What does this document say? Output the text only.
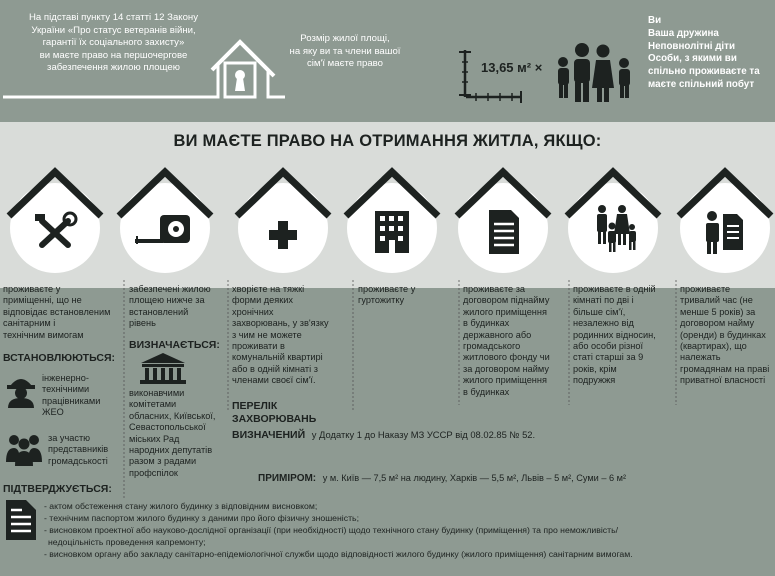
На підставі пункту 14 статті 12 Закону
України «Про статус ветеранів війни,
гарантії їх соціального захисту»
ви маєте право на першочергове
забезпечення жилою площею
Розмір жилої площі,
на яку ви та члени вашої
сім'ї маєте право	13,65 м² ×
Ви
Ваша дружина
Неповнолітні діти
Особи, з якими ви
спільно проживаєте та
маєте спільний побут
ВИ МАЄТЕ ПРАВО НА ОТРИМАННЯ ЖИТЛА, ЯКЩО:
проживаєте у
приміщенні, що не
відповідає встановленим
санітарним і
технічним вимогам
ВСТАНОВЛЮЮТЬСЯ:
інженерно-
технічними
працівниками
ЖЕО
за участю
представників
громадськості
забезпечені жилою
площею нижче за
встановлений
рівень
ВИЗНАЧАЄТЬСЯ:
виконавчими
комітетами
обласних, Київської,
Севастопольської
міських Рад
народних депутатів
разом з радами
профспілок
хворієте на тяжкі
форми деяких
хронічних
захворювань, у зв'язку
з чим не можете
проживати в
комунальній квартирі
або в одній кімнаті з
членами своєї сім'ї.
ПЕРЕЛІК
ЗАХВОРЮВАНЬ
ВИЗНАЧЕНИЙ у Додатку 1 до Наказу МЗ УССР від 08.02.85 № 52.
проживаєте у
гуртожитку
проживаєте за
договором піднайму
жилого приміщення
в будинках
державного або
громадського
житлового фонду чи
за договором найму
жилого приміщення
в будинках
проживаєте в одній
кімнаті по дві і
більше сім'ї,
незалежно від
родинних відносин,
або особи різної
статі старші за 9
років, крім
подружжя
проживаєте
тривалий час (не
менше 5 років) за
договором найму
(оренди) в будинках
(квартирах), що
належать
громадянам на праві
приватної власності
ПРИМІРОМ: у м. Київ — 7,5 м² на людину, Харків — 5,5 м², Львів – 5 м², Суми – 6 м²
ПІДТВЕРДЖУЄТЬСЯ:
- актом обстеження стану жилого будинку з відповідним висновком;
- технічним паспортом жилого будинку з даними про його фізичну зношеність;
- висновком проектної або науково-дослідної організації (при необхідності) щодо технічного стану будинку (приміщення) та про неможливість/
недоцільність проведення капремонту;
- висновком органу або закладу санітарно-епідеміологічної служби щодо відповідності жилого будинку (жилого приміщення) санітарним вимогам.
